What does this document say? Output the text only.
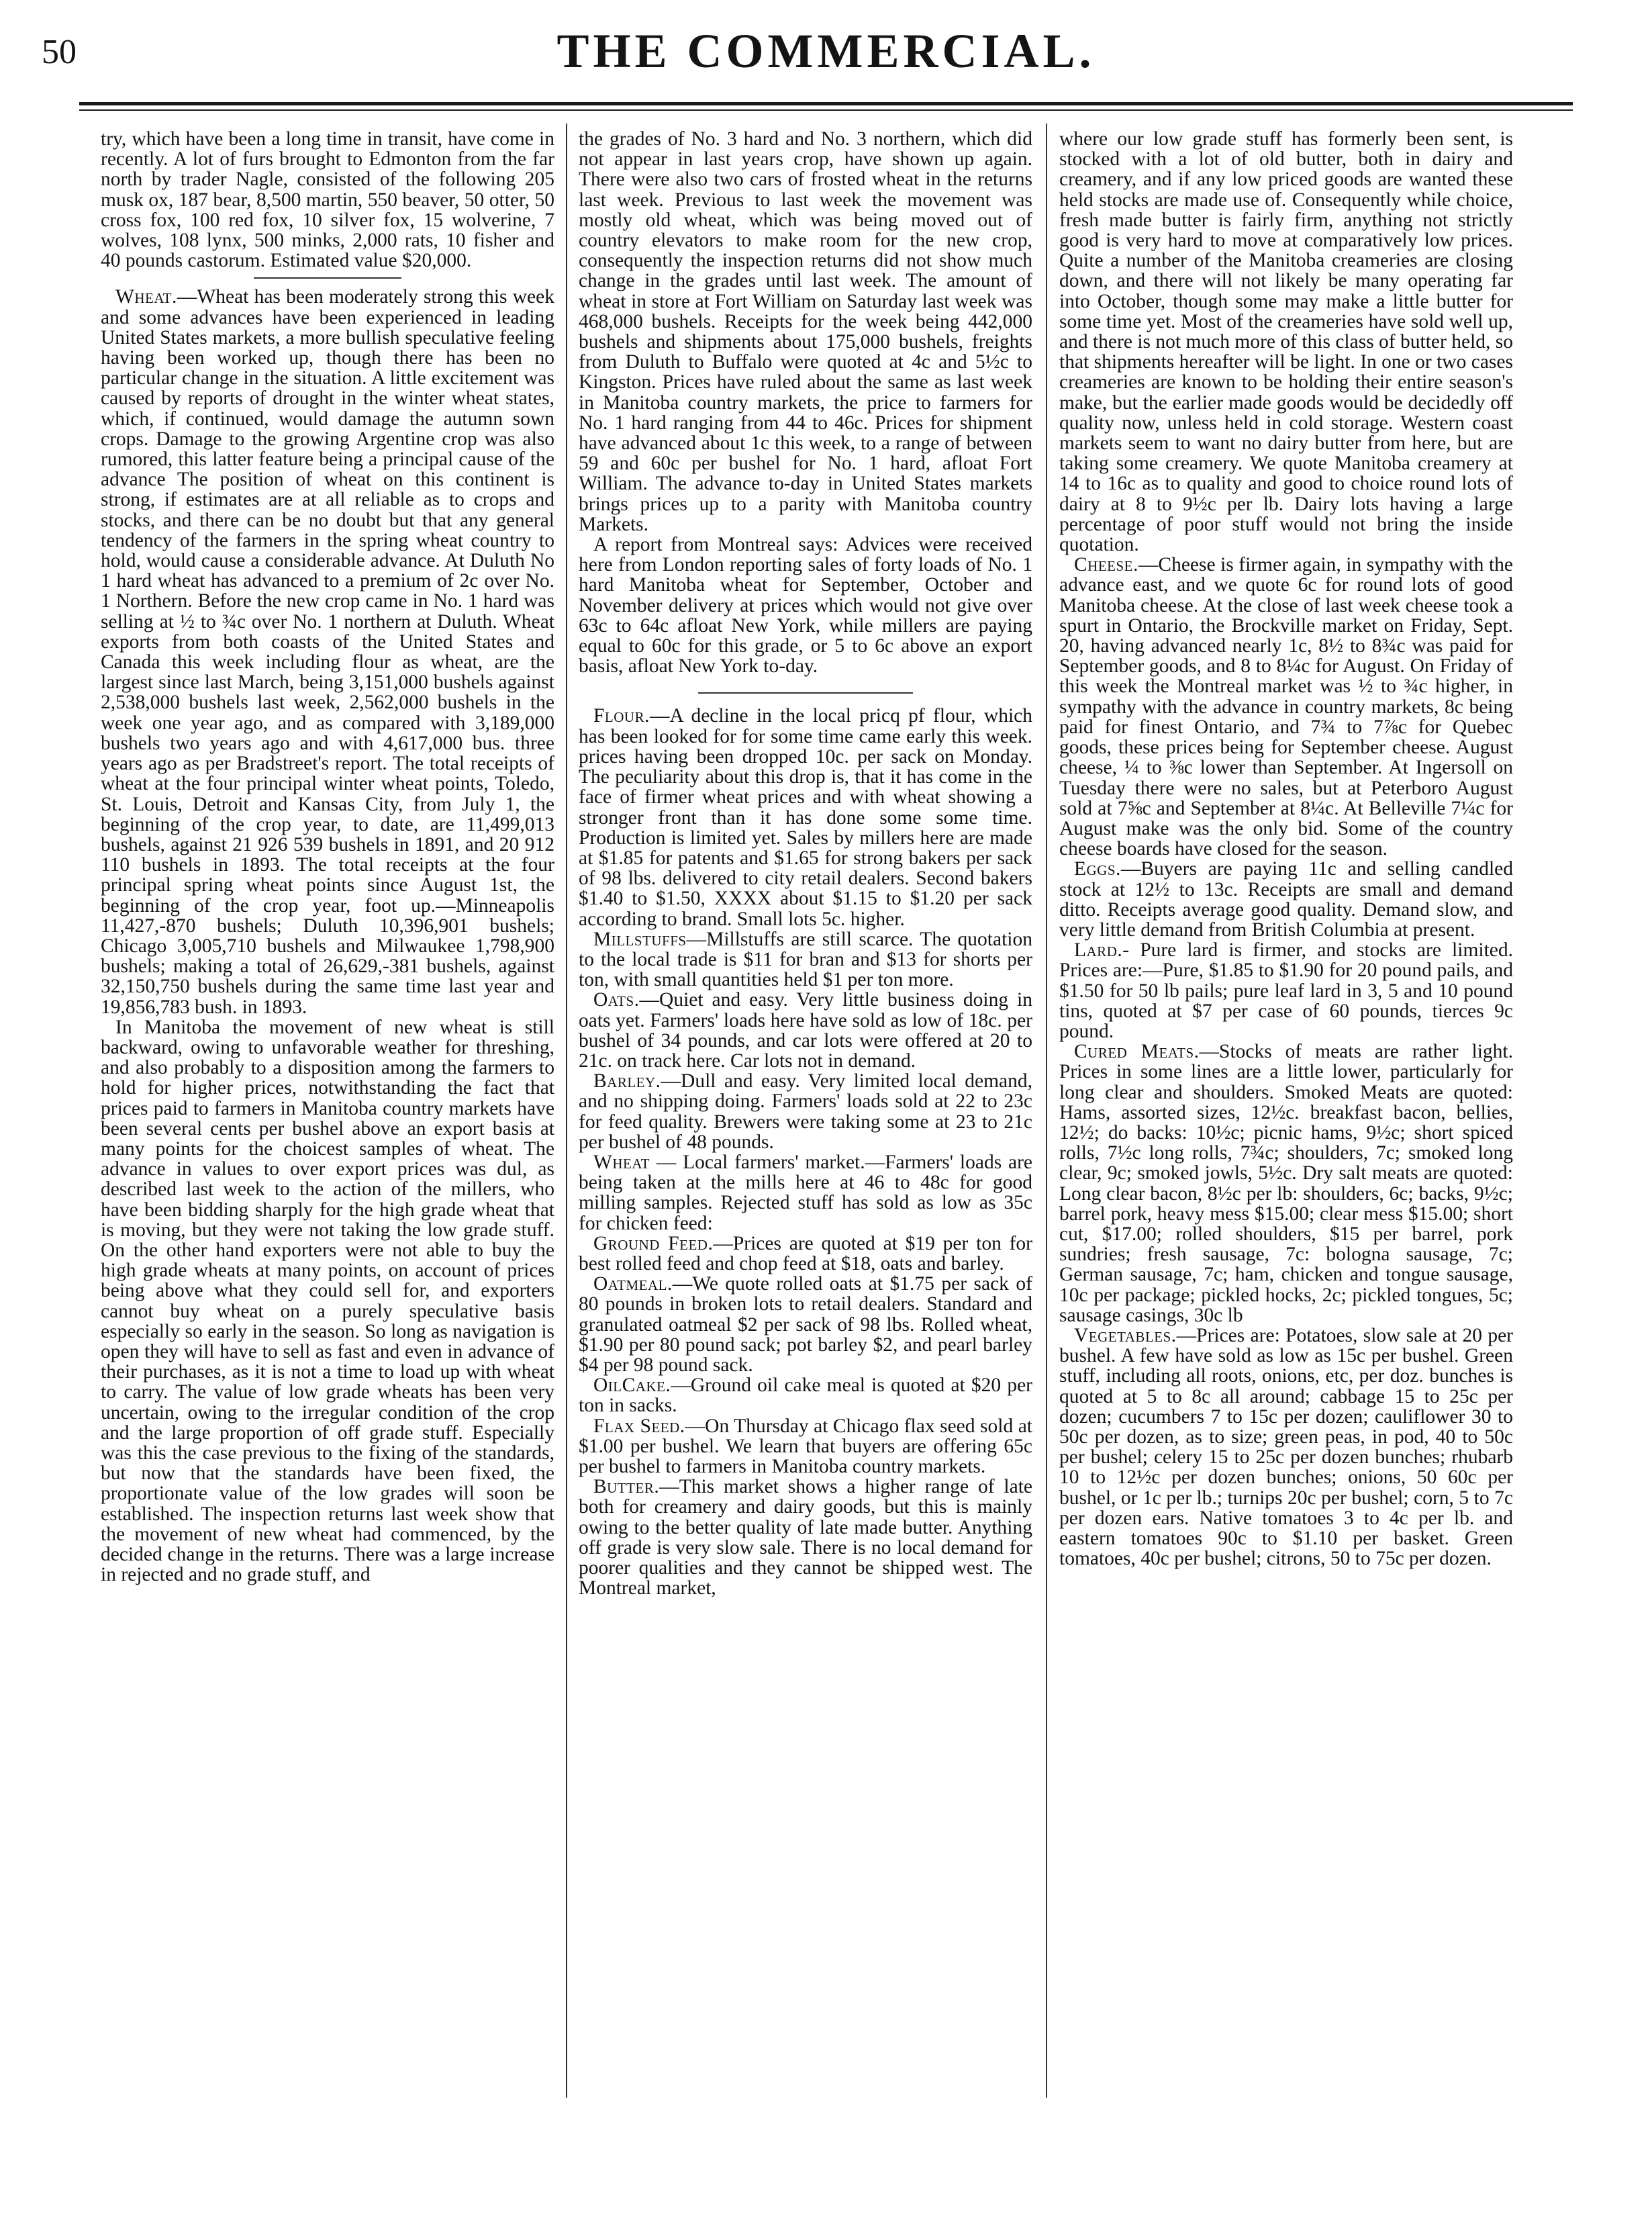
50	THE COMMERCIAL.

try, which have been a long time in transit, have come in recently. A lot of furs brought to Edmonton from the far north by trader Nagle, consisted of the following 205 musk ox, 187 bear, 8,500 martin, 550 beaver, 50 otter, 50 cross fox, 100 red fox, 10 silver fox, 15 wolverine, 7 wolves, 108 lynx, 500 minks, 2,000 rats, 10 fisher and 40 pounds castorum. Estimated value $20,000.

Wheat.—Wheat has been moderately strong this week and some advances have been experienced in leading United States markets, a more bullish speculative feeling having been worked up, though there has been no particular change in the situation. A little excitement was caused by reports of drought in the winter wheat states, which, if continued, would damage the autumn sown crops. Damage to the growing Argentine crop was also rumored, this latter feature being a principal cause of the advance The position of wheat on this continent is strong, if estimates are at all reliable as to crops and stocks, and there can be no doubt but that any general tendency of the farmers in the spring wheat country to hold, would cause a considerable advance. At Duluth No 1 hard wheat has advanced to a premium of 2c over No. 1 Northern. Before the new crop came in No. 1 hard was selling at ½ to ¾c over No. 1 northern at Duluth. Wheat exports from both coasts of the United States and Canada this week including flour as wheat, are the largest since last March, being 3,151,000 bushels against 2,538,000 bushels last week, 2,562,000 bushels in the week one year ago, and as compared with 3,189,000 bushels two years ago and with 4,617,000 bus. three years ago as per Bradstreet's report. The total receipts of wheat at the four principal winter wheat points, Toledo, St. Louis, Detroit and Kansas City, from July 1, the beginning of the crop year, to date, are 11,499,013 bushels, against 21 926 539 bushels in 1891, and 20 912 110 bushels in 1893. The total receipts at the four principal spring wheat points since August 1st, the beginning of the crop year, foot up.—Minneapolis 11,427,-870 bushels; Duluth 10,396,901 bushels; Chicago 3,005,710 bushels and Milwaukee 1,798,900 bushels; making a total of 26,629,-381 bushels, against 32,150,750 bushels during the same time last year and 19,856,783 bush. in 1893.

In Manitoba the movement of new wheat is still backward, owing to unfavorable weather for threshing, and also probably to a disposition among the farmers to hold for higher prices, notwithstanding the fact that prices paid to farmers in Manitoba country markets have been several cents per bushel above an export basis at many points for the choicest samples of wheat. The advance in values to over export prices was dul, as described last week to the action of the millers, who have been bidding sharply for the high grade wheat that is moving, but they were not taking the low grade stuff. On the other hand exporters were not able to buy the high grade wheats at many points, on account of prices being above what they could sell for, and exporters cannot buy wheat on a purely speculative basis especially so early in the season. So long as navigation is open they will have to sell as fast and even in advance of their purchases, as it is not a time to load up with wheat to carry. The value of low grade wheats has been very uncertain, owing to the irregular condition of the crop and the large proportion of off grade stuff. Especially was this the case previous to the fixing of the standards, but now that the standards have been fixed, the proportionate value of the low grades will soon be established. The inspection returns last week show that the movement of new wheat had commenced, by the decided change in the returns. There was a large increase in rejected and no grade stuff, and

the grades of No. 3 hard and No. 3 northern, which did not appear in last years crop, have shown up again. There were also two cars of frosted wheat in the returns last week. Previous to last week the movement was mostly old wheat, which was being moved out of country elevators to make room for the new crop, consequently the inspection returns did not show much change in the grades until last week. The amount of wheat in store at Fort William on Saturday last week was 468,000 bushels. Receipts for the week being 442,000 bushels and shipments about 175,000 bushels, freights from Duluth to Buffalo were quoted at 4c and 5½c to Kingston. Prices have ruled about the same as last week in Manitoba country markets, the price to farmers for No. 1 hard ranging from 44 to 46c. Prices for shipment have advanced about 1c this week, to a range of between 59 and 60c per bushel for No. 1 hard, afloat Fort William. The advance to-day in United States markets brings prices up to a parity with Manitoba country Markets.

A report from Montreal says: Advices were received here from London reporting sales of forty loads of No. 1 hard Manitoba wheat for September, October and November delivery at prices which would not give over 63c to 64c afloat New York, while millers are paying equal to 60c for this grade, or 5 to 6c above an export basis, afloat New York to-day.

Flour.—A decline in the local pricq pf flour, which has been looked for for some time came early this week. prices having been dropped 10c. per sack on Monday. The peculiarity about this drop is, that it has come in the face of firmer wheat prices and with wheat showing a stronger front than it has done some some time. Production is limited yet. Sales by millers here are made at $1.85 for patents and $1.65 for strong bakers per sack of 98 lbs. delivered to city retail dealers. Second bakers $1.40 to $1.50, XXXX about $1.15 to $1.20 per sack according to brand. Small lots 5c. higher.

Millstuffs—Millstuffs are still scarce. The quotation to the local trade is $11 for bran and $13 for shorts per ton, with small quantities held $1 per ton more.

Oats.—Quiet and easy. Very little business doing in oats yet. Farmers' loads here have sold as low of 18c. per bushel of 34 pounds, and car lots were offered at 20 to 21c. on track here. Car lots not in demand.

Barley.—Dull and easy. Very limited local demand, and no shipping doing. Farmers' loads sold at 22 to 23c for feed quality. Brewers were taking some at 23 to 21c per bushel of 48 pounds.

Wheat — Local farmers' market.—Farmers' loads are being taken at the mills here at 46 to 48c for good milling samples. Rejected stuff has sold as low as 35c for chicken feed:

Ground Feed.—Prices are quoted at $19 per ton for best rolled feed and chop feed at $18, oats and barley.

Oatmeal.—We quote rolled oats at $1.75 per sack of 80 pounds in broken lots to retail dealers. Standard and granulated oatmeal $2 per sack of 98 lbs. Rolled wheat, $1.90 per 80 pound sack; pot barley $2, and pearl barley $4 per 98 pound sack.

OilCake.—Ground oil cake meal is quoted at $20 per ton in sacks.

Flax Seed.—On Thursday at Chicago flax seed sold at $1.00 per bushel. We learn that buyers are offering 65c per bushel to farmers in Manitoba country markets.

Butter.—This market shows a higher range of late both for creamery and dairy goods, but this is mainly owing to the better quality of late made butter. Anything off grade is very slow sale. There is no local demand for poorer qualities and they cannot be shipped west. The Montreal market,

where our low grade stuff has formerly been sent, is stocked with a lot of old butter, both in dairy and creamery, and if any low priced goods are wanted these held stocks are made use of. Consequently while choice, fresh made butter is fairly firm, anything not strictly good is very hard to move at comparatively low prices. Quite a number of the Manitoba creameries are closing down, and there will not likely be many operating far into October, though some may make a little butter for some time yet. Most of the creameries have sold well up, and there is not much more of this class of butter held, so that shipments hereafter will be light. In one or two cases creameries are known to be holding their entire season's make, but the earlier made goods would be decidedly off quality now, unless held in cold storage. Western coast markets seem to want no dairy butter from here, but are taking some creamery. We quote Manitoba creamery at 14 to 16c as to quality and good to choice round lots of dairy at 8 to 9½c per lb. Dairy lots having a large percentage of poor stuff would not bring the inside quotation.

Cheese.—Cheese is firmer again, in sympathy with the advance east, and we quote 6c for round lots of good Manitoba cheese. At the close of last week cheese took a spurt in Ontario, the Brockville market on Friday, Sept. 20, having advanced nearly 1c, 8½ to 8¾c was paid for September goods, and 8 to 8¼c for August. On Friday of this week the Montreal market was ½ to ¾c higher, in sympathy with the advance in country markets, 8c being paid for finest Ontario, and 7¾ to 7⅞c for Quebec goods, these prices being for September cheese. August cheese, ¼ to ⅜c lower than September. At Ingersoll on Tuesday there were no sales, but at Peterboro August sold at 7⅝c and September at 8¼c. At Belleville 7¼c for August make was the only bid. Some of the country cheese boards have closed for the season.

Eggs.—Buyers are paying 11c and selling candled stock at 12½ to 13c. Receipts are small and demand ditto. Receipts average good quality. Demand slow, and very little demand from British Columbia at present.

Lard.- Pure lard is firmer, and stocks are limited. Prices are:—Pure, $1.85 to $1.90 for 20 pound pails, and $1.50 for 50 lb pails; pure leaf lard in 3, 5 and 10 pound tins, quoted at $7 per case of 60 pounds, tierces 9c pound.

Cured Meats.—Stocks of meats are rather light. Prices in some lines are a little lower, particularly for long clear and shoulders. Smoked Meats are quoted: Hams, assorted sizes, 12½c. breakfast bacon, bellies, 12½; do backs: 10½c; picnic hams, 9½c; short spiced rolls, 7½c long rolls, 7¾c; shoulders, 7c; smoked long clear, 9c; smoked jowls, 5½c. Dry salt meats are quoted: Long clear bacon, 8½c per lb: shoulders, 6c; backs, 9½c; barrel pork, heavy mess $15.00; clear mess $15.00; short cut, $17.00; rolled shoulders, $15 per barrel, pork sundries; fresh sausage, 7c: bologna sausage, 7c; German sausage, 7c; ham, chicken and tongue sausage, 10c per package; pickled hocks, 2c; pickled tongues, 5c; sausage casings, 30c lb

Vegetables.—Prices are: Potatoes, slow sale at 20 per bushel. A few have sold as low as 15c per bushel. Green stuff, including all roots, onions, etc, per doz. bunches is quoted at 5 to 8c all around; cabbage 15 to 25c per dozen; cucumbers 7 to 15c per dozen; cauliflower 30 to 50c per dozen, as to size; green peas, in pod, 40 to 50c per bushel; celery 15 to 25c per dozen bunches; rhubarb 10 to 12½c per dozen bunches; onions, 50 60c per bushel, or 1c per lb.; turnips 20c per bushel; corn, 5 to 7c per dozen ears. Native tomatoes 3 to 4c per lb. and eastern tomatoes 90c to $1.10 per basket. Green tomatoes, 40c per bushel; citrons, 50 to 75c per dozen.
